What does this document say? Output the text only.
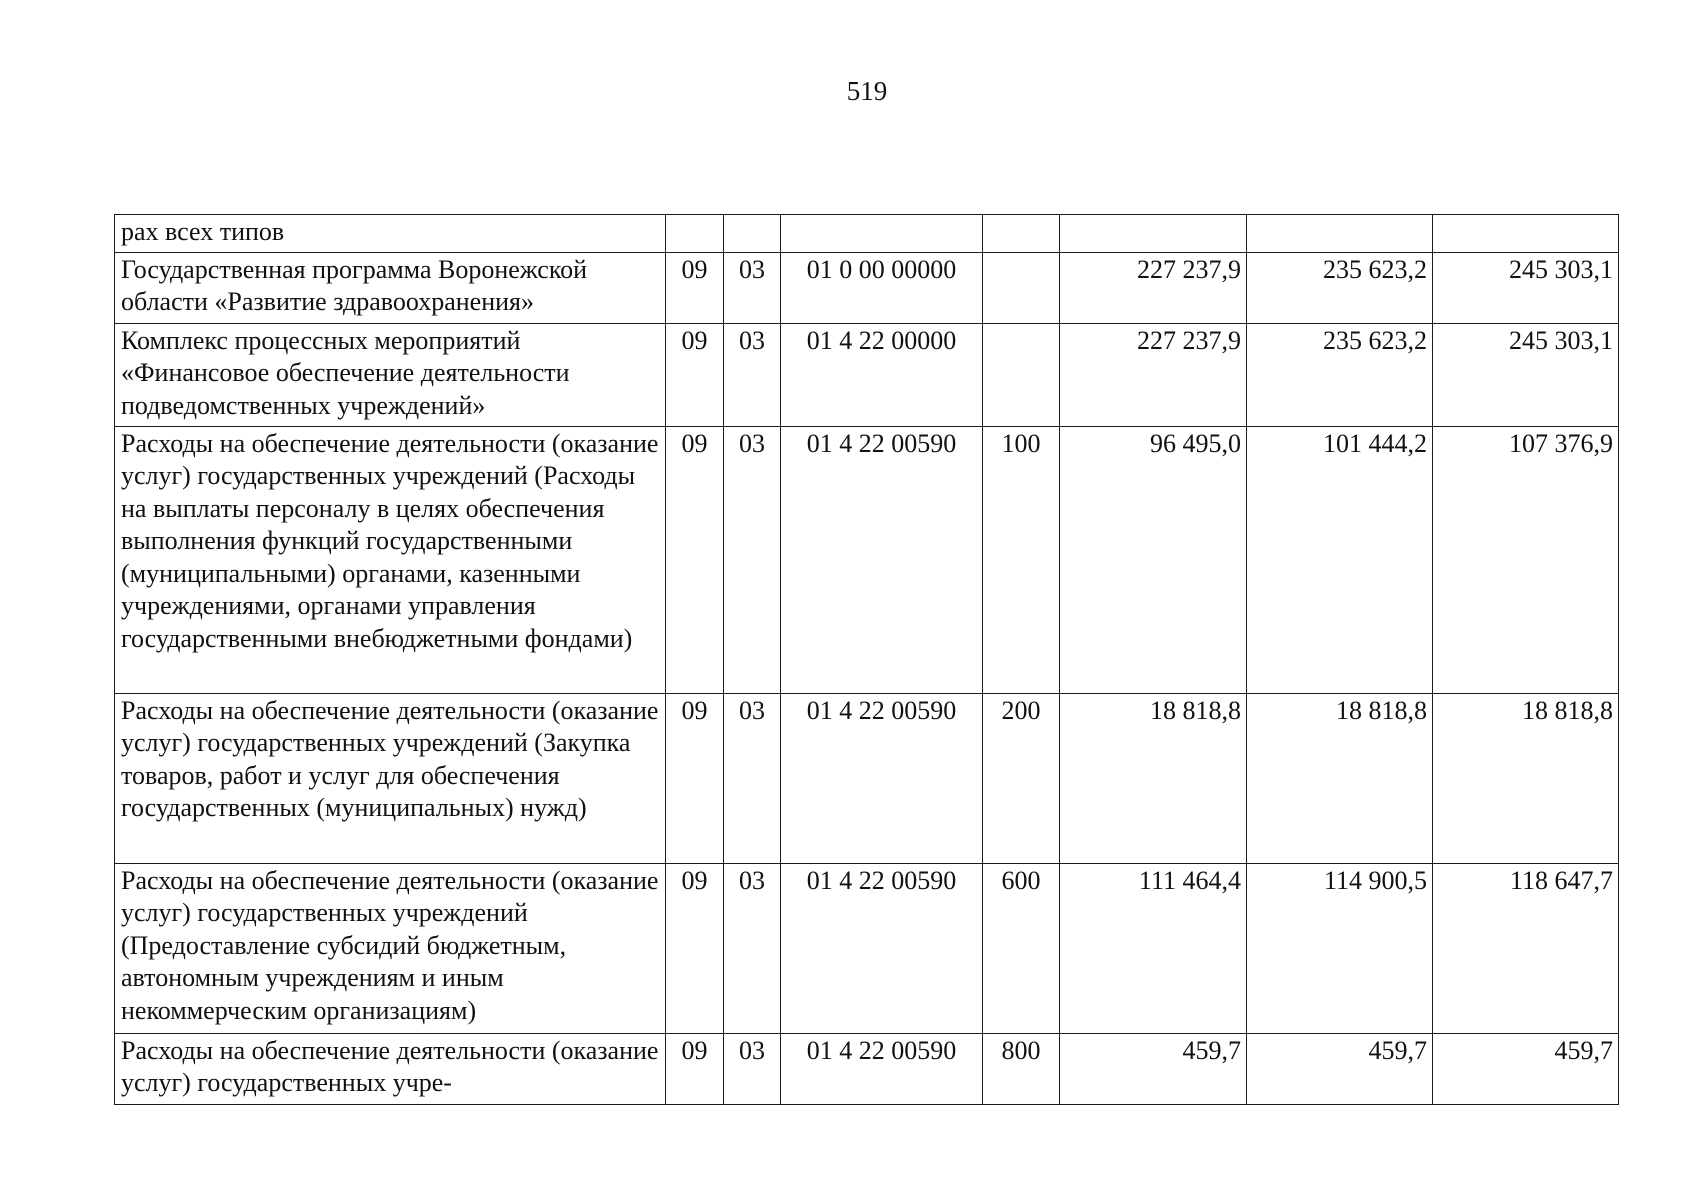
519
рах всех типов							
Государственная программа Воронежской области «Развитие здравоохранения»	09	03	01 0 00 00000		227 237,9	235 623,2	245 303,1
Комплекс процессных мероприятий «Финансовое обеспечение деятельности подведомственных учреждений»	09	03	01 4 22 00000		227 237,9	235 623,2	245 303,1
Расходы на обеспечение деятельности (оказание услуг) государственных учреждений (Расходы на выплаты персоналу в целях обеспечения выполнения функций государственными (муниципальными) органами, казенными учреждениями, органами управления государственными внебюджетными фондами)	09	03	01 4 22 00590	100	96 495,0	101 444,2	107 376,9
Расходы на обеспечение деятельности (оказание услуг) государственных учреждений (Закупка товаров, работ и услуг для обеспечения государственных (муниципальных) нужд)	09	03	01 4 22 00590	200	18 818,8	18 818,8	18 818,8
Расходы на обеспечение деятельности (оказание услуг) государственных учреждений (Предоставление субсидий бюджетным, автономным учреждениям и иным некоммерческим организациям)	09	03	01 4 22 00590	600	111 464,4	114 900,5	118 647,7
Расходы на обеспечение деятельности (оказание услуг) государственных учре-	09	03	01 4 22 00590	800	459,7	459,7	459,7
